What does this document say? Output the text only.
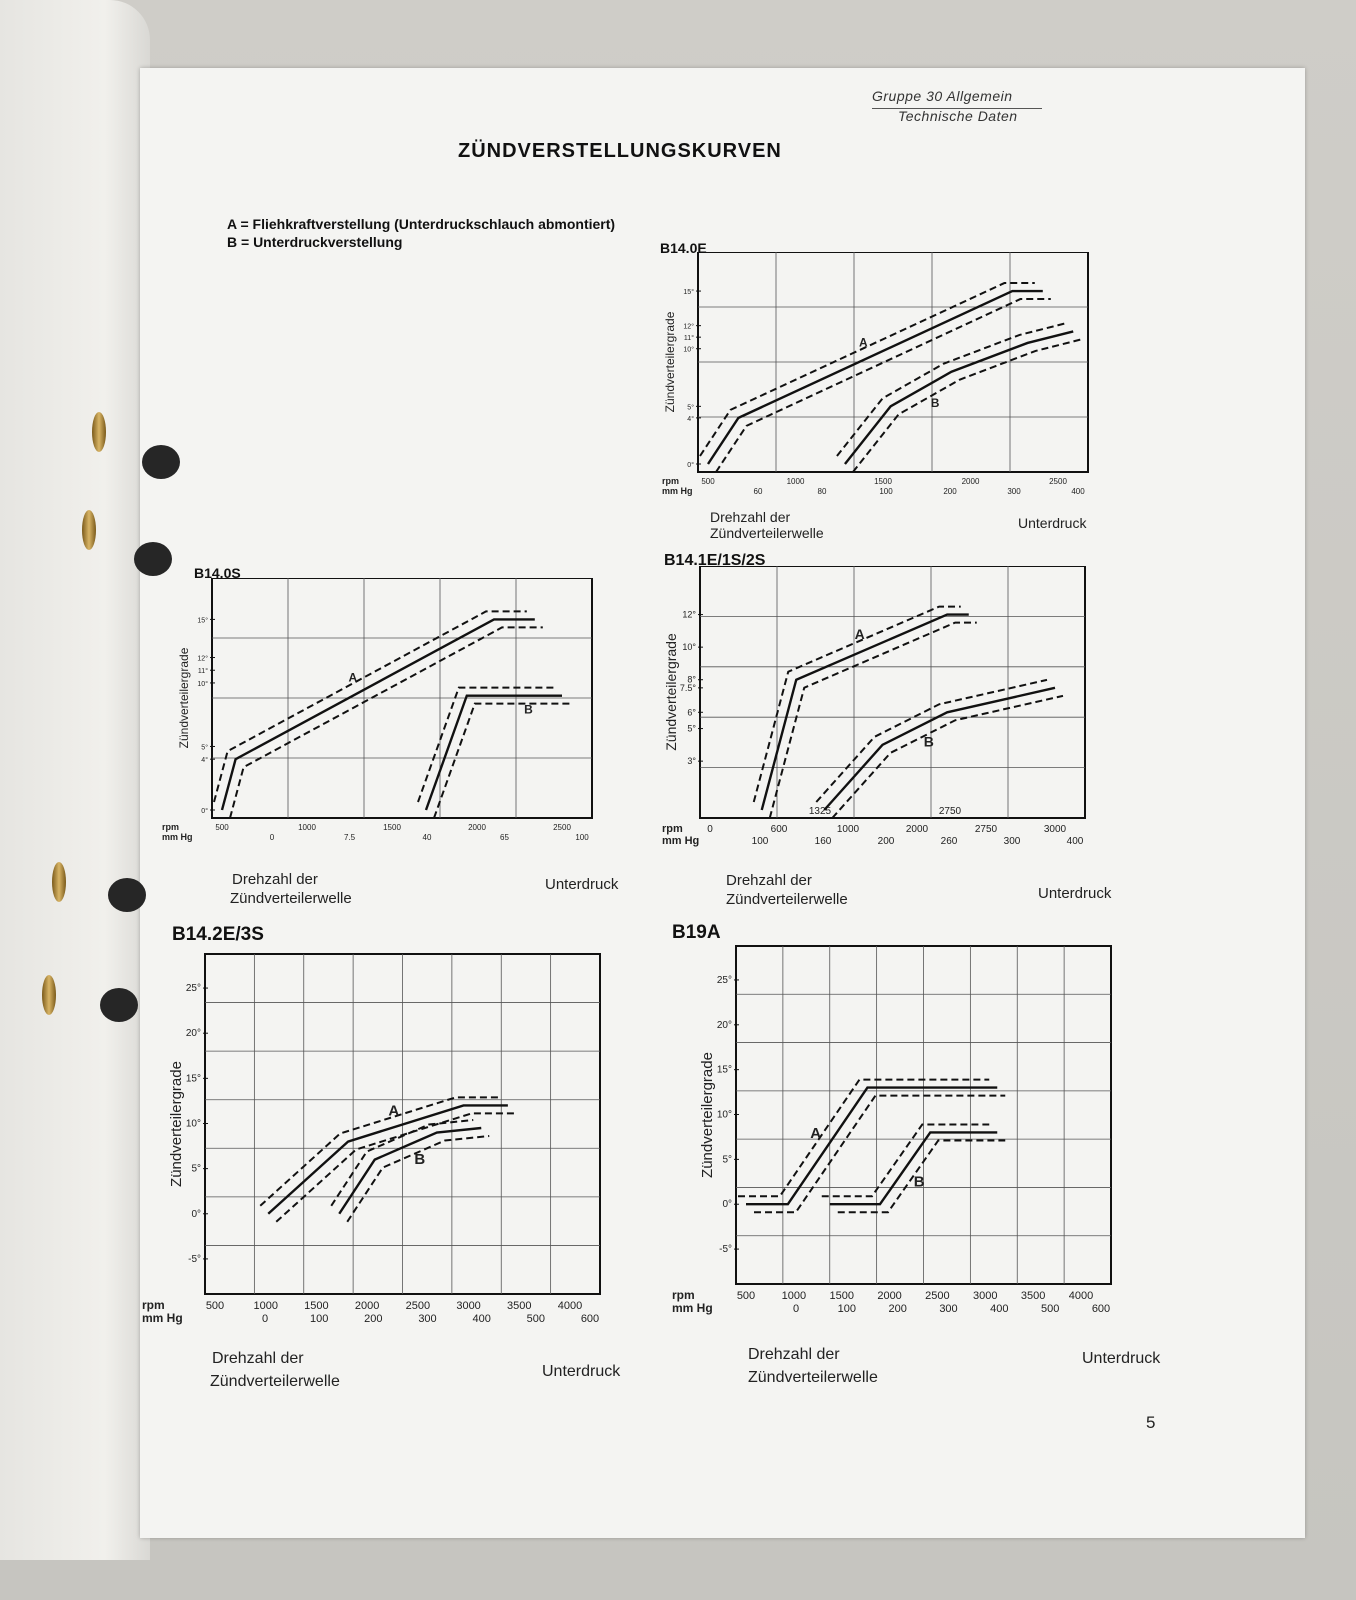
Gruppe 30 Allgemein
Technische Daten
ZÜNDVERSTELLUNGSKURVEN
A = Fliehkraftverstellung (Unterdruckschlauch abmontiert)
B = Unterdruckverstellung	B14.0E
B14.0S
B14.1E/1S/2S
B14.2E/3S	B19A
0°
4°
5°
10°
11°
12°
15°
500	1000	1500	2000	2500
60	80	100	200	300	400
rpm
mm Hg
Zündverteilergrade	A
B
0°
4°
5°
10°
11°
12°
15°
500	1000	1500	2000	2500
0	7.5	40	65	100
rpm
mm Hg
Zündverteilergrade	A
B
3°
5°
6°
7.5°
8°
10°
12°
0	600	1000	2000	2750	3000
100	160	200	260	300	400
rpm
mm Hg
Zündverteilergrade
1325	2750
A
B
-5°
0°
5°
10°
15°
20°
25°
500	1000 1500 2000 2500 3000 3500 4000
0	100	200	300	400	500	600
rpm
mm Hg
Zündverteilergrade	A
B
-5°
0°
5°
10°
15°
20°
25°
500 1000 1500 2000 2500 3000 3500 4000
0	100	200	300	400	500	600
rpm
mm Hg
Zündverteilergrade	A
B
Drehzahl der
Zündverteilerwelle
Unterdruck
Drehzahl der
Zündverteilerwelle
Unterdruck	Drehzahl der
Zündverteilerwelle	Unterdruck
Drehzahl der
Zündverteilerwelle
Unterdruck
Drehzahl der
Zündverteilerwelle
Unterdruck
5
